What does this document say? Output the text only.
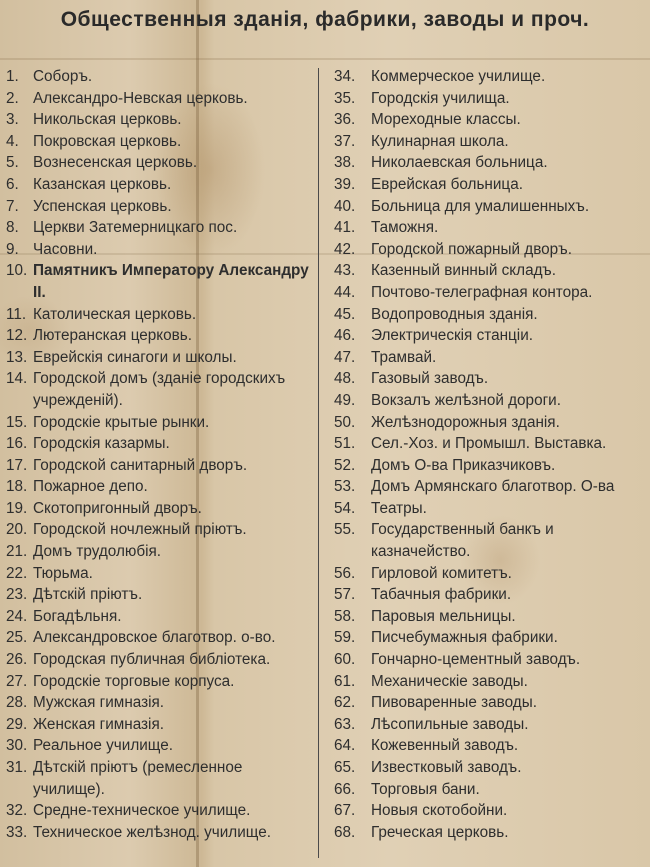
Общественныя зданія, фабрики, заводы и проч.
1. Соборъ.
2. Александро-Невская церковь.
3. Никольская церковь.
4. Покровская церковь.
5. Вознесенская церковь.
6. Казанская церковь.
7. Успенская церковь.
8. Церкви Затемерницкаго пос.
9. Часовни.
10. Памятникъ Императору Александру II.
11. Католическая церковь.
12. Лютеранская церковь.
13. Еврейскія синагоги и школы.
14. Городской домъ (зданіе городскихъ учрежденій).
15. Городскіе крытые рынки.
16. Городскія казармы.
17. Городской санитарный дворъ.
18. Пожарное депо.
19. Скотопригонный дворъ.
20. Городской ночлежный пріютъ.
21. Домъ трудолюбія.
22. Тюрьма.
23. Дѣтскій пріютъ.
24. Богадѣльня.
25. Александровское благотвор. о-во.
26. Городская публичная библіотека.
27. Городскіе торговые корпуса.
28. Мужская гимназія.
29. Женская гимназія.
30. Реальное училище.
31. Дѣтскій пріютъ (ремесленное училище).
32. Средне-техническое училище.
33. Техническое желѣзнод. училище.
34.	Коммерческое училище.
35.	Городскія училища.
36.	Мореходные классы.
37.	Кулинарная школа.
38.	Николаевская больница.
39.	Еврейская больница.
40.	Больница для умалишенныхъ.
41.	Таможня.
42.	Городской пожарный дворъ.
43.	Казенный винный складъ.
44.	Почтово-телеграфная контора.
45.	Водопроводныя зданія.
46.	Электрическія станціи.
47.	Трамвай.
48.	Газовый заводъ.
49.	Вокзалъ желѣзной дороги.
50.	Желѣзнодорожныя зданія.
51.	Сел.-Хоз. и Промышл. Выставка.
52.	Домъ О-ва Приказчиковъ.
53.	Домъ Армянскаго благотвор. О-ва
54.	Театры.
55.	Государственный банкъ и казначейство.
56.	Гирловой комитетъ.
57.	Табачныя фабрики.
58.	Паровыя мельницы.
59.	Писчебумажныя фабрики.
60.	Гончарно-цементный заводъ.
61.	Механическіе заводы.
62.	Пивоваренные заводы.
63.	Лѣсопильные заводы.
64.	Кожевенный заводъ.
65.	Известковый заводъ.
66.	Торговыя бани.
67.	Новыя скотобойни.
68.	Греческая церковь.
